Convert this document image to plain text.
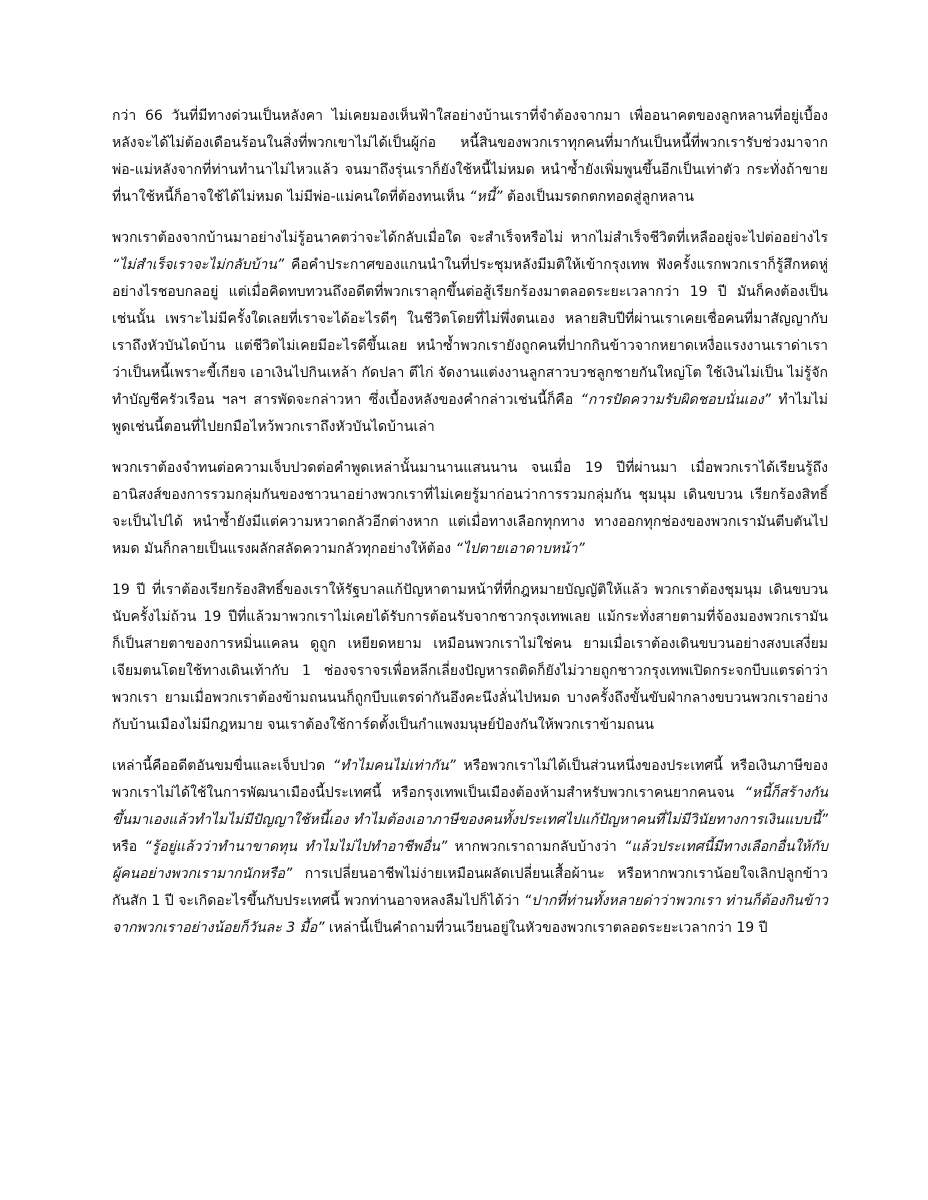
กว่า 66 วันที่มีทางด่วนเป็นหลังคา ไม่เคยมองเห็นฟ้าใสอย่างบ้านเราที่จำต้องจากมา เพื่ออนาคตของลูกหลานที่อยู่เบื้องหลังจะได้ไม่ต้องเดือนร้อนในสิ่งที่พวกเขาไม่ได้เป็นผู้ก่อ หนี้สินของพวกเราทุกคนที่มากันเป็นหนี้ที่พวกเรารับช่วงมาจากพ่อ-แม่หลังจากที่ท่านทำนาไม่ไหวแล้ว จนมาถึงรุ่นเราก็ยังใช้หนี้ไม่หมด หนำซ้ำยังเพิ่มพูนขึ้นอีกเป็นเท่าตัว กระทั่งถ้าขายที่นาใช้หนี้ก็อาจใช้ได้ไม่หมด ไม่มีพ่อ-แม่คนใดที่ต้องทนเห็น “หนี้” ต้องเป็นมรดกตกทอดสู่ลูกหลาน

พวกเราต้องจากบ้านมาอย่างไม่รู้อนาคตว่าจะได้กลับเมื่อใด จะสำเร็จหรือไม่ หากไม่สำเร็จชีวิตที่เหลืออยู่จะไปต่ออย่างไร “ไม่สำเร็จเราจะไม่กลับบ้าน” คือคำประกาศของแกนนำในที่ประชุมหลังมีมติให้เข้ากรุงเทพ ฟังครั้งแรกพวกเราก็รู้สึกหดหู่อย่างไรชอบกลอยู่ แต่เมื่อคิดทบทวนถึงอดีตที่พวกเราลุกขึ้นต่อสู้เรียกร้องมาตลอดระยะเวลากว่า 19 ปี มันก็คงต้องเป็นเช่นนั้น เพราะไม่มีครั้งใดเลยที่เราจะได้อะไรดีๆ ในชีวิตโดยที่ไม่พึ่งตนเอง หลายสิบปีที่ผ่านเราเคยเชื่อคนที่มาสัญญากับเราถึงหัวบันไดบ้าน แต่ชีวิตไม่เคยมีอะไรดีขึ้นเลย หนำซ้ำพวกเรายังถูกคนที่ปากกินข้าวจากหยาดเหงื่อแรงงานเราด่าเราว่าเป็นหนี้เพราะขี้เกียจ เอาเงินไปกินเหล้า กัดปลา ตีไก่ จัดงานแต่งงานลูกสาวบวชลูกชายกันใหญ่โต ใช้เงินไม่เป็น ไม่รู้จักทำบัญชีครัวเรือน ฯลฯ สารพัดจะกล่าวหา ซึ่งเบื้องหลังของคำกล่าวเช่นนี้ก็คือ “การปัดความรับผิดชอบนั่นเอง” ทำไมไม่พูดเช่นนี้ตอนที่ไปยกมือไหว้พวกเราถึงหัวบันไดบ้านเล่า

พวกเราต้องจำทนต่อความเจ็บปวดต่อคำพูดเหล่านั้นมานานแสนนาน จนเมื่อ 19 ปีที่ผ่านมา เมื่อพวกเราได้เรียนรู้ถึงอานิสงส์ของการรวมกลุ่มกันของชาวนาอย่างพวกเราที่ไม่เคยรู้มาก่อนว่าการรวมกลุ่มกัน ชุมนุม เดินขบวน เรียกร้องสิทธิ์จะเป็นไปได้ หนำซ้ำยังมีแต่ความหวาดกลัวอีกต่างหาก แต่เมื่อทางเลือกทุกทาง ทางออกทุกช่องของพวกเรามันตีบตันไปหมด มันก็กลายเป็นแรงผลักสลัดความกลัวทุกอย่างให้ต้อง “ไปตายเอาดาบหน้า”

19 ปี ที่เราต้องเรียกร้องสิทธิ์ของเราให้รัฐบาลแก้ปัญหาตามหน้าที่ที่กฎหมายบัญญัติให้แล้ว พวกเราต้องชุมนุม เดินขบวนนับครั้งไม่ถ้วน 19 ปีที่แล้วมาพวกเราไม่เคยได้รับการต้อนรับจากชาวกรุงเทพเลย แม้กระทั่งสายตามที่จ้องมองพวกเรามันก็เป็นสายตาของการหมิ่นแคลน ดูถูก เหยียดหยาม เหมือนพวกเราไม่ใช่คน ยามเมื่อเราต้องเดินขบวนอย่างสงบเสงี่ยมเจียมตนโดยใช้ทางเดินเท้ากับ 1 ช่องจราจรเพื่อหลีกเลี่ยงปัญหารถติดก็ยังไม่วายถูกชาวกรุงเทพเปิดกระจกบีบแตรด่าว่าพวกเรา ยามเมื่อพวกเราต้องข้ามถนนนก็ถูกบีบแตรด่ากันอึงคะนึงลั่นไปหมด บางครั้งถึงขั้นขับฝ่ากลางขบวนพวกเราอย่างกับบ้านเมืองไม่มีกฎหมาย จนเราต้องใช้การ์ดตั้งเป็นกำแพงมนุษย์ป้องกันให้พวกเราข้ามถนน

เหล่านี้คืออดีตอันขมขื่นและเจ็บปวด “ทำไมคนไม่เท่ากัน” หรือพวกเราไม่ได้เป็นส่วนหนึ่งของประเทศนี้ หรือเงินภาษีของพวกเราไม่ได้ใช้ในการพัฒนาเมืองนี้ประเทศนี้ หรือกรุงเทพเป็นเมืองต้องห้ามสำหรับพวกเราคนยากคนจน “หนี้ก็สร้างกันขึ้นมาเองแล้วทำไมไม่มีปัญญาใช้หนี้เอง ทำไมต้องเอาภาษีของคนทั้งประเทศไปแก้ปัญหาคนที่ไม่มีวินัยทางการเงินแบบนี้” หรือ “รู้อยู่แล้วว่าทำนาขาดทุน ทำไมไม่ไปทำอาชีพอื่น” หากพวกเราถามกลับบ้างว่า “แล้วประเทศนี้มีทางเลือกอื่นให้กับผู้คนอย่างพวกเรามากนักหรือ” การเปลี่ยนอาชีพไม่ง่ายเหมือนผลัดเปลี่ยนเสื้อผ้านะ หรือหากพวกเราน้อยใจเลิกปลูกข้าวกันสัก 1 ปี จะเกิดอะไรขึ้นกับประเทศนี้ พวกท่านอาจหลงลืมไปก็ได้ว่า “ปากที่ท่านทั้งหลายด่าว่าพวกเรา ท่านก็ต้องกินข้าวจากพวกเราอย่างน้อยก็วันละ 3 มื้อ” เหล่านี้เป็นคำถามที่วนเวียนอยู่ในหัวของพวกเราตลอดระยะเวลากว่า 19 ปี
